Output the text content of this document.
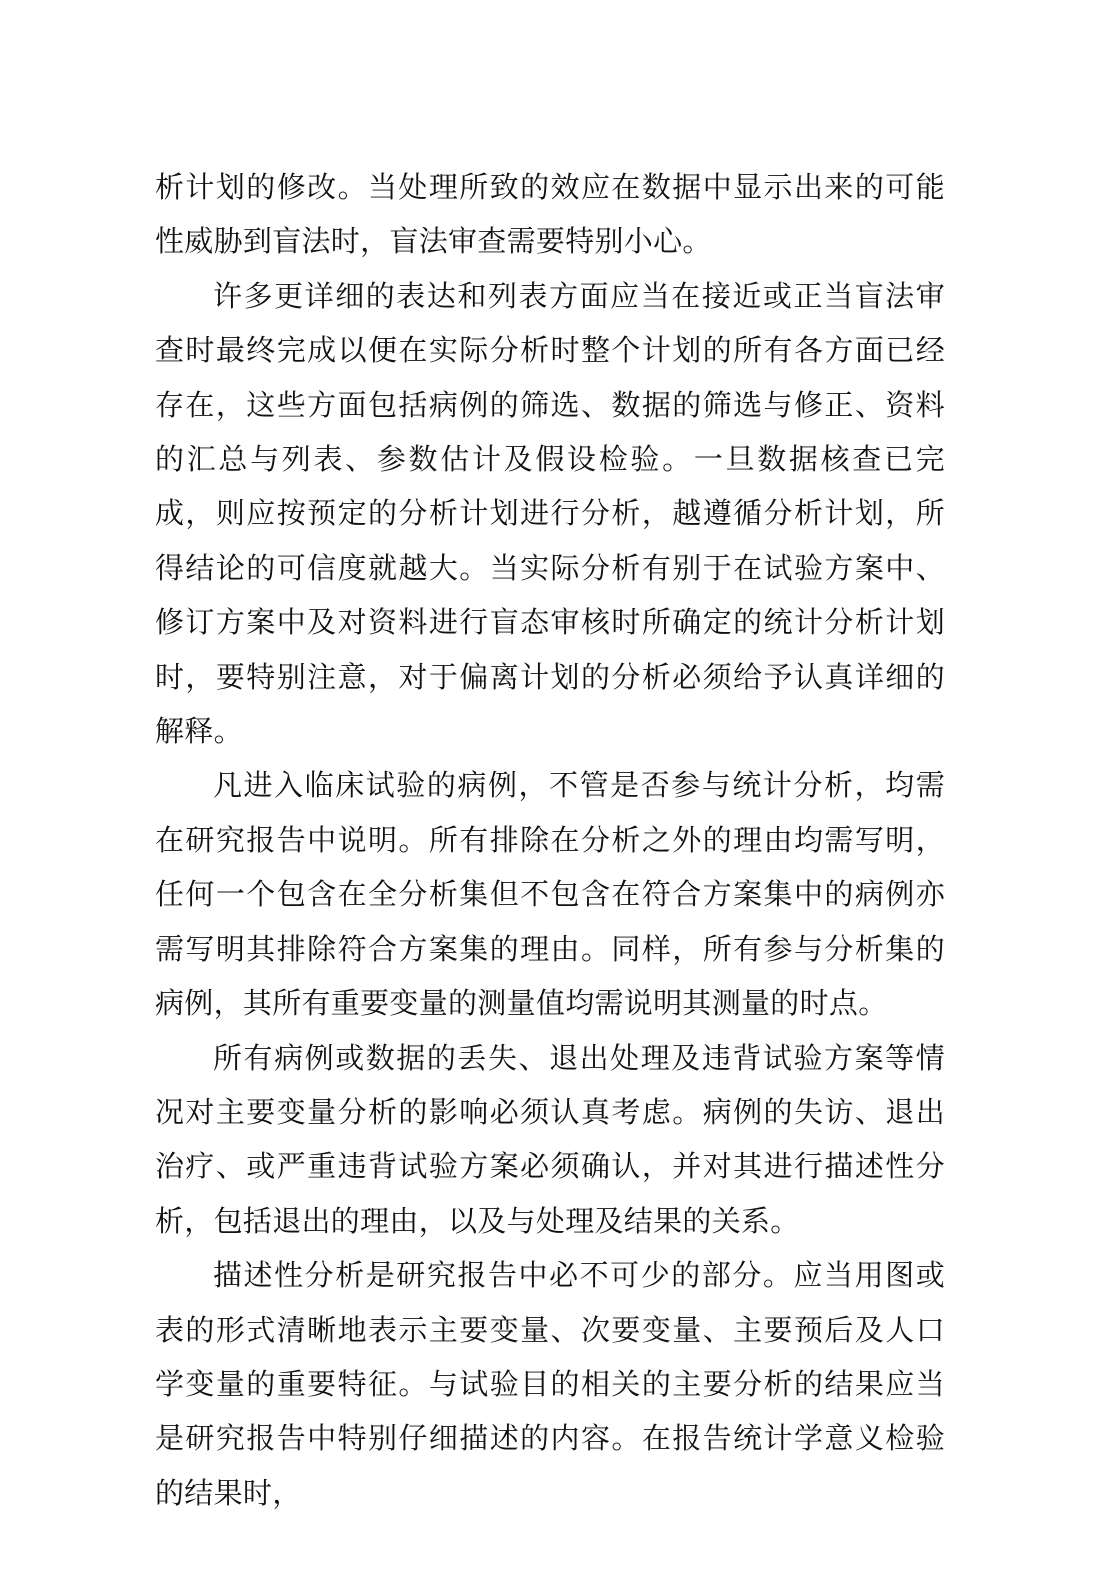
析计划的修改。当处理所致的效应在数据中显示出来的可能性威胁到盲法时，盲法审查需要特别小心。

许多更详细的表达和列表方面应当在接近或正当盲法审查时最终完成以便在实际分析时整个计划的所有各方面已经存在，这些方面包括病例的筛选、数据的筛选与修正、资料的汇总与列表、参数估计及假设检验。一旦数据核查已完成，则应按预定的分析计划进行分析，越遵循分析计划，所得结论的可信度就越大。当实际分析有别于在试验方案中、修订方案中及对资料进行盲态审核时所确定的统计分析计划时，要特别注意，对于偏离计划的分析必须给予认真详细的解释。

凡进入临床试验的病例，不管是否参与统计分析，均需在研究报告中说明。所有排除在分析之外的理由均需写明，任何一个包含在全分析集但不包含在符合方案集中的病例亦需写明其排除符合方案集的理由。同样，所有参与分析集的病例，其所有重要变量的测量值均需说明其测量的时点。

所有病例或数据的丢失、退出处理及违背试验方案等情况对主要变量分析的影响必须认真考虑。病例的失访、退出治疗、或严重违背试验方案必须确认，并对其进行描述性分析，包括退出的理由，以及与处理及结果的关系。

描述性分析是研究报告中必不可少的部分。应当用图或表的形式清晰地表示主要变量、次要变量、主要预后及人口学变量的重要特征。与试验目的相关的主要分析的结果应当是研究报告中特别仔细描述的内容。在报告统计学意义检验的结果时，
